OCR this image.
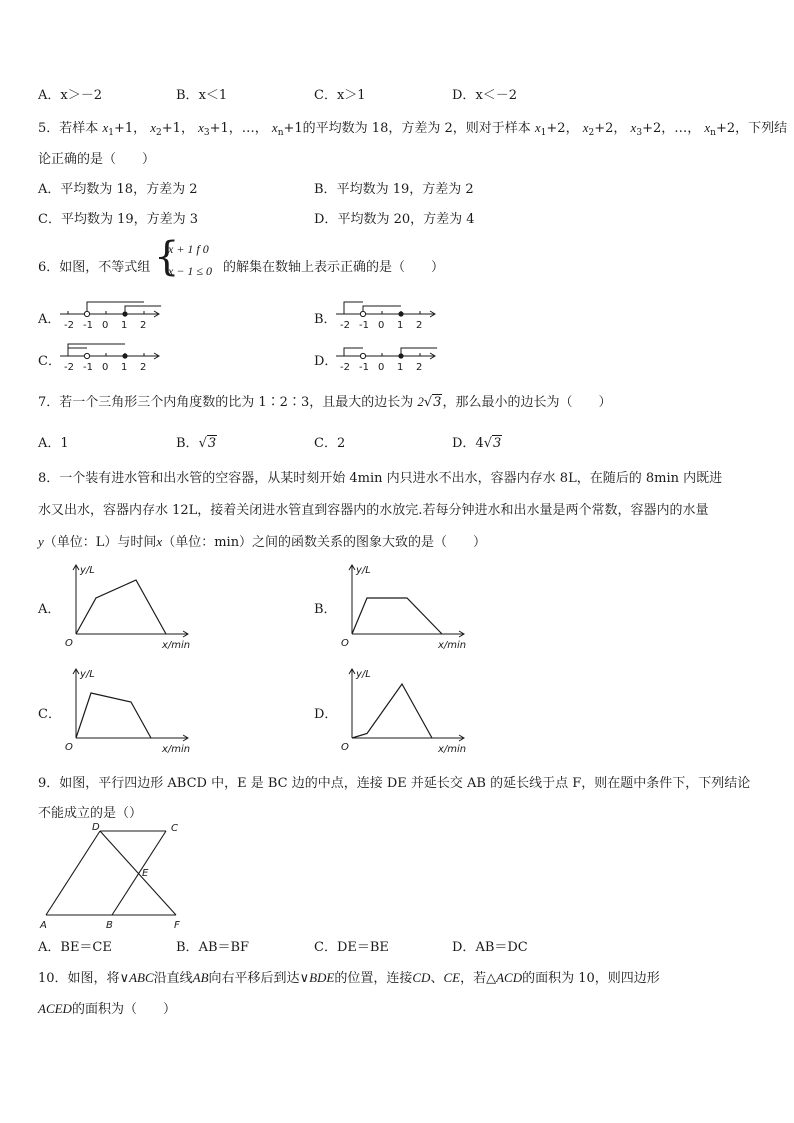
A．x＞－2	B．x＜1	C．x＞1	D．x＜－2
5．若样本 $x_1+1$， $x_2+1$， $x_3+1$，…， $x_n+1$的平均数为 18，方差为 2，则对于样本 $x_1+2$， $x_2+2$， $x_3+2$，…， $x_n+2$，下列结
论正确的是（　　）
A．平均数为 18，方差为 2	B．平均数为 19，方差为 2
C．平均数为 19，方差为 3	D．平均数为 20，方差为 4
6．如图，不等式组 {
x + 1 f 0
x − 1 ≤ 0 的解集在数轴上表示正确的是（　　）
A．	B．
C．	D．
-2 -1 0 1 2	-2 -1 0 1 2
-2 -1 0 1 2	-2 -1 0 1 2
7．若一个三角形三个内角度数的比为 1∶2∶3，且最大的边长为 2√3，那么最小的边长为（　　）
A．1	B．√3	C．2	D．4√3
8．一个装有进水管和出水管的空容器，从某时刻开始 4min 内只进水不出水，容器内存水 8L，在随后的 8min 内既进
水又出水，容器内存水 12L，接着关闭进水管直到容器内的水放完.若每分钟进水和出水量是两个常数，容器内的水量
y（单位：L）与时间x（单位：min）之间的函数关系的图象大致的是（　　）
A．	B．
C．	D．
y/L
x/min
O
y/L
x/min
O
y/L
x/min
O
y/L
x/min
O
9．如图，平行四边形 ABCD 中，E 是 BC 边的中点，连接 DE 并延长交 AB 的延长线于点 F，则在题中条件下，下列结论
不能成立的是（）
A	B
C
D
E
F
A．BE＝CE	B．AB＝BF	C．DE＝BE	D．AB＝DC
10．如图，将∨ABC沿直线AB向右平移后到达∨BDE的位置，连接CD、CE，若△ACD的面积为 10，则四边形
ACED的面积为（　　）
